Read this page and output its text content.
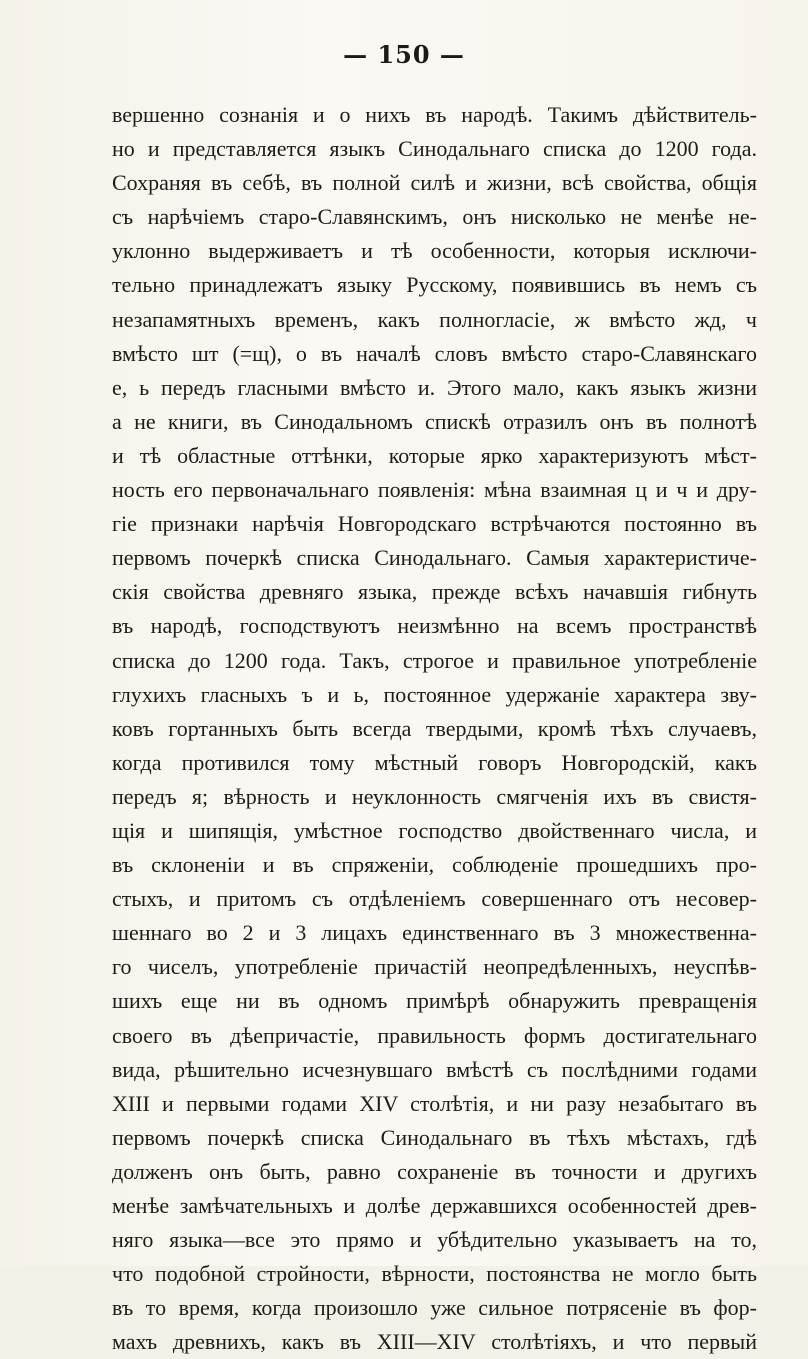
— 150 —
вершенно сознанія и о нихъ въ народѣ. Такимъ дѣйствитель-
но и представляется языкъ Синодальнаго списка до 1200 года.
Сохраняя въ себѣ, въ полной силѣ и жизни, всѣ свойства, общія
съ нарѣчіемъ старо-Славянскимъ, онъ нисколько не менѣе не-
уклонно выдерживаетъ и тѣ особенности, которыя исключи-
тельно принадлежатъ языку Русскому, появившись въ немъ съ
незапамятныхъ временъ, какъ полногласіе, ж вмѣсто жд, ч
вмѣсто шт (=щ), о въ началѣ словъ вмѣсто старо-Славянскаго
е, ь передъ гласными вмѣсто и. Этого мало, какъ языкъ жизни
а не книги, въ Синодальномъ спискѣ отразилъ онъ въ полнотѣ
и тѣ областные оттѣнки, которые ярко характеризуютъ мѣст-
ность его первоначальнаго появленія: мѣна взаимная ц и ч и дру-
гіе признаки нарѣчія Новгородскаго встрѣчаются постоянно въ
первомъ почеркѣ списка Синодальнаго. Самыя характеристиче-
скія свойства древняго языка, прежде всѣхъ начавшія гибнуть
въ народѣ, господствуютъ неизмѣнно на всемъ пространствѣ
списка до 1200 года. Такъ, строгое и правильное употребленіе
глухихъ гласныхъ ъ и ь, постоянное удержаніе характера зву-
ковъ гортанныхъ быть всегда твердыми, кромѣ тѣхъ случаевъ,
когда противился тому мѣстный говоръ Новгородскій, какъ
передъ я; вѣрность и неуклонность смягченія ихъ въ свистя-
щія и шипящія, умѣстное господство двойственнаго числа, и
въ склоненіи и въ спряженіи, соблюденіе прошедшихъ про-
стыхъ, и притомъ съ отдѣленіемъ совершеннаго отъ несовер-
шеннаго во 2 и 3 лицахъ единственнаго въ 3 множественна-
го чиселъ, употребленіе причастій неопредѣленныхъ, неуспѣв-
шихъ еще ни въ одномъ примѣрѣ обнаружить превращенія
своего въ дѣепричастіе, правильность формъ достигательнаго
вида, рѣшительно исчезнувшаго вмѣстѣ съ послѣдними годами
XIII и первыми годами XIV столѣтія, и ни разу незабытаго въ
первомъ почеркѣ списка Синодальнаго въ тѣхъ мѣстахъ, гдѣ
долженъ онъ быть, равно сохраненіе въ точности и другихъ
менѣе замѣчательныхъ и долѣе державшихся особенностей древ-
няго языка—все это прямо и убѣдительно указываетъ на то,
что подобной стройности, вѣрности, постоянства не могло быть
въ то время, когда произошло уже сильное потрясеніе въ фор-
махъ древнихъ, какъ въ XIII—XIV столѣтіяхъ, и что первый
